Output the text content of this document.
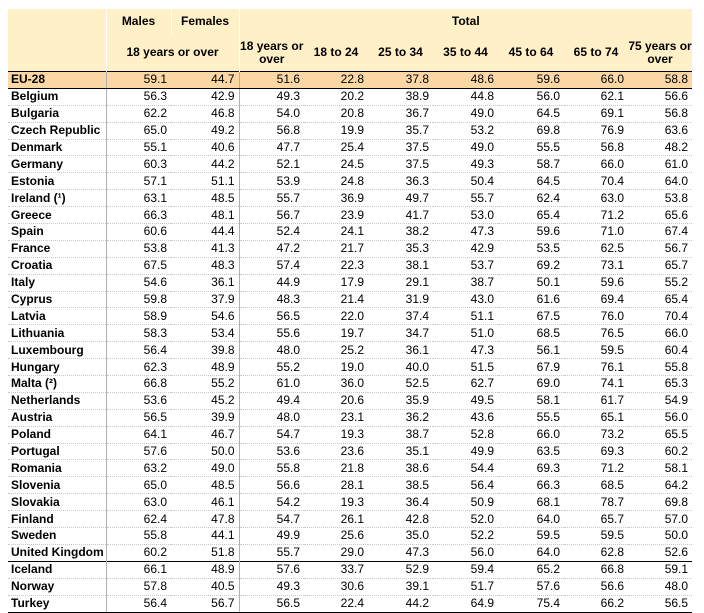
	Males	Females	Total						
	18 years or over		18 years or over	18 to 24	25 to 34	35 to 44	45 to 64	65 to 74	75 years or over
EU-28	59.1	44.7	51.6	22.8	37.8	48.6	59.6	66.0	58.8
Belgium	56.3	42.9	49.3	20.2	38.9	44.8	56.0	62.1	56.6
Bulgaria	62.2	46.8	54.0	20.8	36.7	49.0	64.5	69.1	56.8
Czech Republic	65.0	49.2	56.8	19.9	35.7	53.2	69.8	76.9	63.6
Denmark	55.1	40.6	47.7	25.4	37.5	49.0	55.5	56.8	48.2
Germany	60.3	44.2	52.1	24.5	37.5	49.3	58.7	66.0	61.0
Estonia	57.1	51.1	53.9	24.8	36.3	50.4	64.5	70.4	64.0
Ireland (¹)	63.1	48.5	55.7	36.9	49.7	55.7	62.4	63.0	53.8
Greece	66.3	48.1	56.7	23.9	41.7	53.0	65.4	71.2	65.6
Spain	60.6	44.4	52.4	24.1	38.2	47.3	59.6	71.0	67.4
France	53.8	41.3	47.2	21.7	35.3	42.9	53.5	62.5	56.7
Croatia	67.5	48.3	57.4	22.3	38.1	53.7	69.2	73.1	65.7
Italy	54.6	36.1	44.9	17.9	29.1	38.7	50.1	59.6	55.2
Cyprus	59.8	37.9	48.3	21.4	31.9	43.0	61.6	69.4	65.4
Latvia	58.9	54.6	56.5	22.0	37.4	51.1	67.5	76.0	70.4
Lithuania	58.3	53.4	55.6	19.7	34.7	51.0	68.5	76.5	66.0
Luxembourg	56.4	39.8	48.0	25.2	36.1	47.3	56.1	59.5	60.4
Hungary	62.3	48.9	55.2	19.0	40.0	51.5	67.9	76.1	55.8
Malta (²)	66.8	55.2	61.0	36.0	52.5	62.7	69.0	74.1	65.3
Netherlands	53.6	45.2	49.4	20.6	35.9	49.5	58.1	61.7	54.9
Austria	56.5	39.9	48.0	23.1	36.2	43.6	55.5	65.1	56.0
Poland	64.1	46.7	54.7	19.3	38.7	52.8	66.0	73.2	65.5
Portugal	57.6	50.0	53.6	23.6	35.1	49.9	63.5	69.3	60.2
Romania	63.2	49.0	55.8	21.8	38.6	54.4	69.3	71.2	58.1
Slovenia	65.0	48.5	56.6	28.1	38.5	56.4	66.3	68.5	64.2
Slovakia	63.0	46.1	54.2	19.3	36.4	50.9	68.1	78.7	69.8
Finland	62.4	47.8	54.7	26.1	42.8	52.0	64.0	65.7	57.0
Sweden	55.8	44.1	49.9	25.6	35.0	52.2	59.5	59.5	50.0
United Kingdom	60.2	51.8	55.7	29.0	47.3	56.0	64.0	62.8	52.6
Iceland	66.1	48.9	57.6	33.7	52.9	59.4	65.2	66.8	59.1
Norway	57.8	40.5	49.3	30.6	39.1	51.7	57.6	56.6	48.0
Turkey	56.4	56.7	56.5	22.4	44.2	64.9	75.4	66.2	56.5
